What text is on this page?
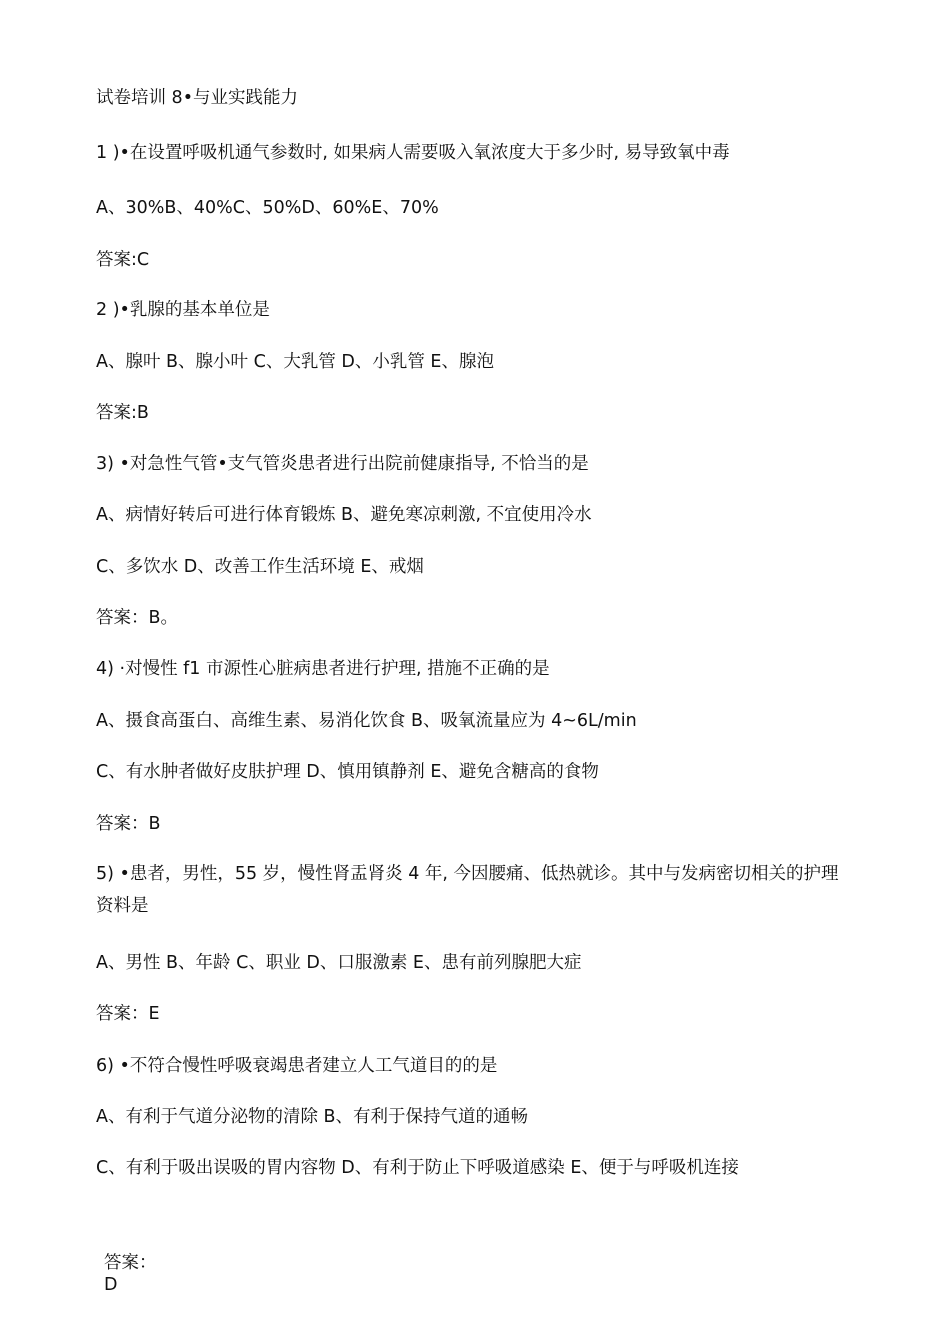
试卷培训 8•与业实践能力

1 )•在设置呼吸机通气参数时, 如果病人需要吸入氧浓度大于多少时, 易导致氧中毒

A、30%B、40%C、50%D、60%E、70%

答案:C

2 )•乳腺的基本单位是

A、腺叶 B、腺小叶 C、大乳管 D、小乳管 E、腺泡

答案:B

3) •对急性气管•支气管炎患者进行出院前健康指导, 不恰当的是

A、病情好转后可进行体育锻炼 B、避免寒凉刺激, 不宜使用冷水

C、多饮水 D、改善工作生活环境 E、戒烟

答案：B。

4) ·对慢性 f1 市源性心脏病患者进行护理, 措施不正确的是

A、摄食高蛋白、高维生素、易消化饮食 B、吸氧流量应为 4~6L/min

C、有水肿者做好皮肤护理 D、慎用镇静剂 E、避免含糖高的食物

答案：B

5) •患者，男性，55 岁，慢性肾盂肾炎 4 年, 今因腰痛、低热就诊。其中与发病密切相关的护理资料是

A、男性 B、年龄 C、职业 D、口服激素 E、患有前列腺肥大症

答案：E

6) •不符合慢性呼吸衰竭患者建立人工气道目的的是

A、有利于气道分泌物的清除 B、有利于保持气道的通畅

C、有利于吸出误吸的胃内容物 D、有利于防止下呼吸道感染 E、便于与呼吸机连接

答案：

D
